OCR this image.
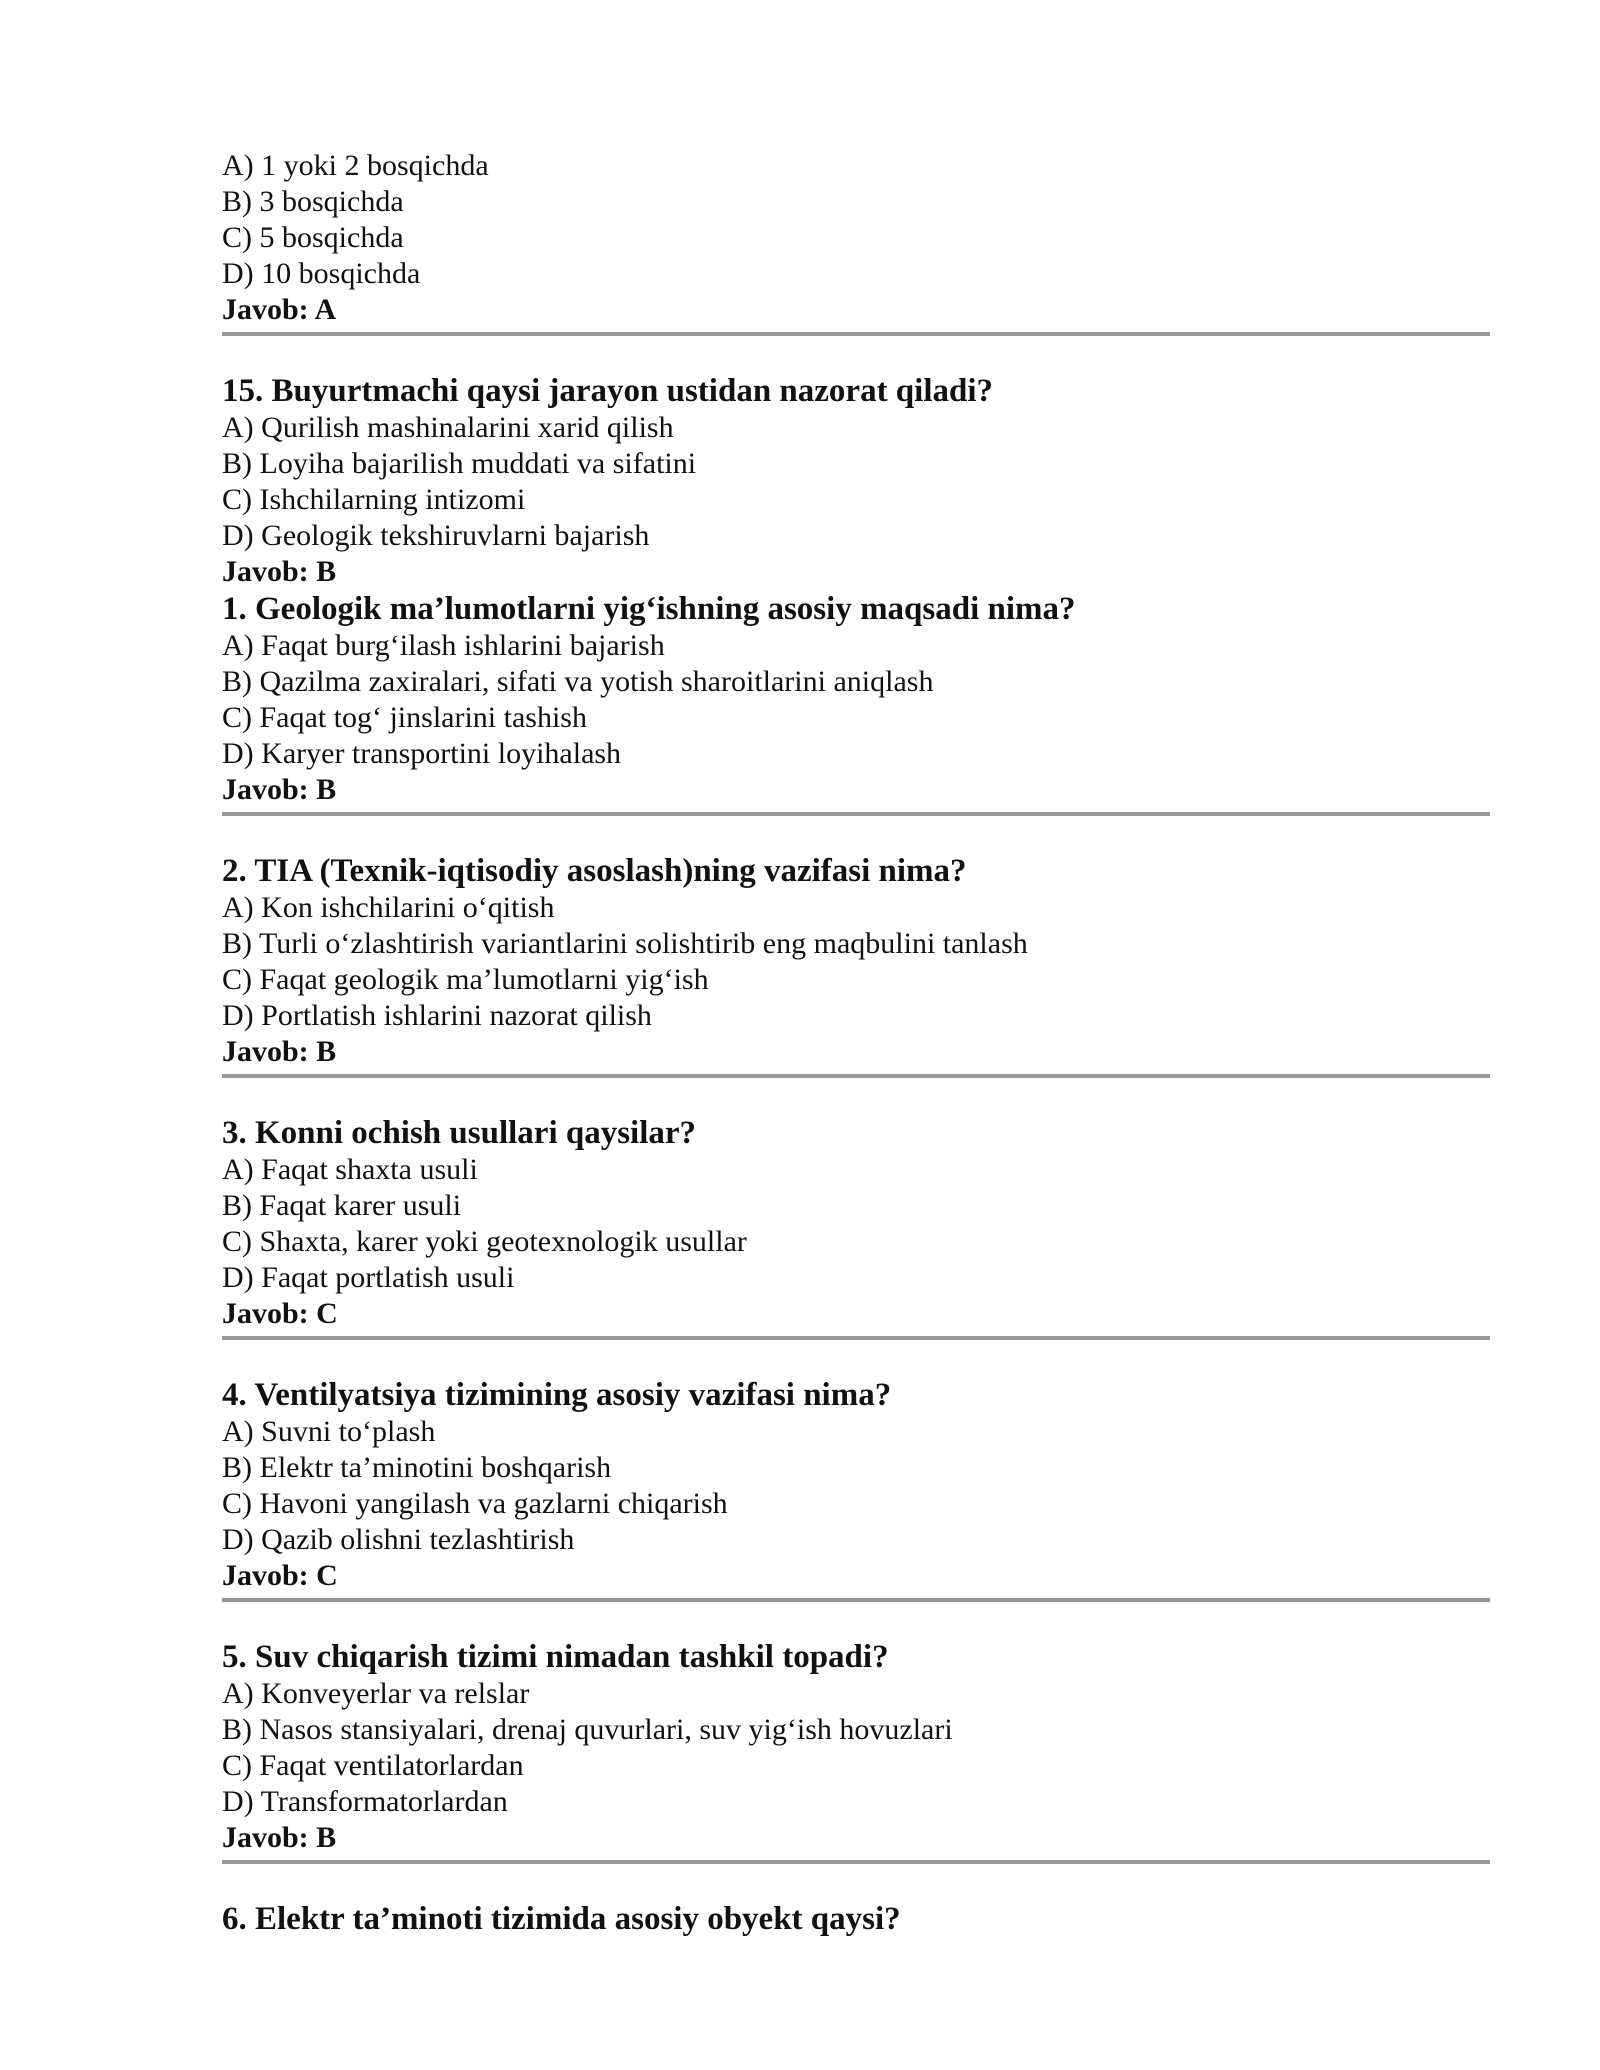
A) 1 yoki 2 bosqichda
B) 3 bosqichda
C) 5 bosqichda
D) 10 bosqichda
Javob: A
15. Buyurtmachi qaysi jarayon ustidan nazorat qiladi?
A) Qurilish mashinalarini xarid qilish
B) Loyiha bajarilish muddati va sifatini
C) Ishchilarning intizomi
D) Geologik tekshiruvlarni bajarish
Javob: B
1. Geologik ma’lumotlarni yig‘ishning asosiy maqsadi nima?
A) Faqat burg‘ilash ishlarini bajarish
B) Qazilma zaxiralari, sifati va yotish sharoitlarini aniqlash
C) Faqat tog‘ jinslarini tashish
D) Karyer transportini loyihalash
Javob: B
2. TIA (Texnik-iqtisodiy asoslash)ning vazifasi nima?
A) Kon ishchilarini o‘qitish
B) Turli o‘zlashtirish variantlarini solishtirib eng maqbulini tanlash
C) Faqat geologik ma’lumotlarni yig‘ish
D) Portlatish ishlarini nazorat qilish
Javob: B
3. Konni ochish usullari qaysilar?
A) Faqat shaxta usuli
B) Faqat karer usuli
C) Shaxta, karer yoki geotexnologik usullar
D) Faqat portlatish usuli
Javob: C
4. Ventilyatsiya tizimining asosiy vazifasi nima?
A) Suvni to‘plash
B) Elektr ta’minotini boshqarish
C) Havoni yangilash va gazlarni chiqarish
D) Qazib olishni tezlashtirish
Javob: C
5. Suv chiqarish tizimi nimadan tashkil topadi?
A) Konveyerlar va relslar
B) Nasos stansiyalari, drenaj quvurlari, suv yig‘ish hovuzlari
C) Faqat ventilatorlardan
D) Transformatorlardan
Javob: B
6. Elektr ta’minoti tizimida asosiy obyekt qaysi?
